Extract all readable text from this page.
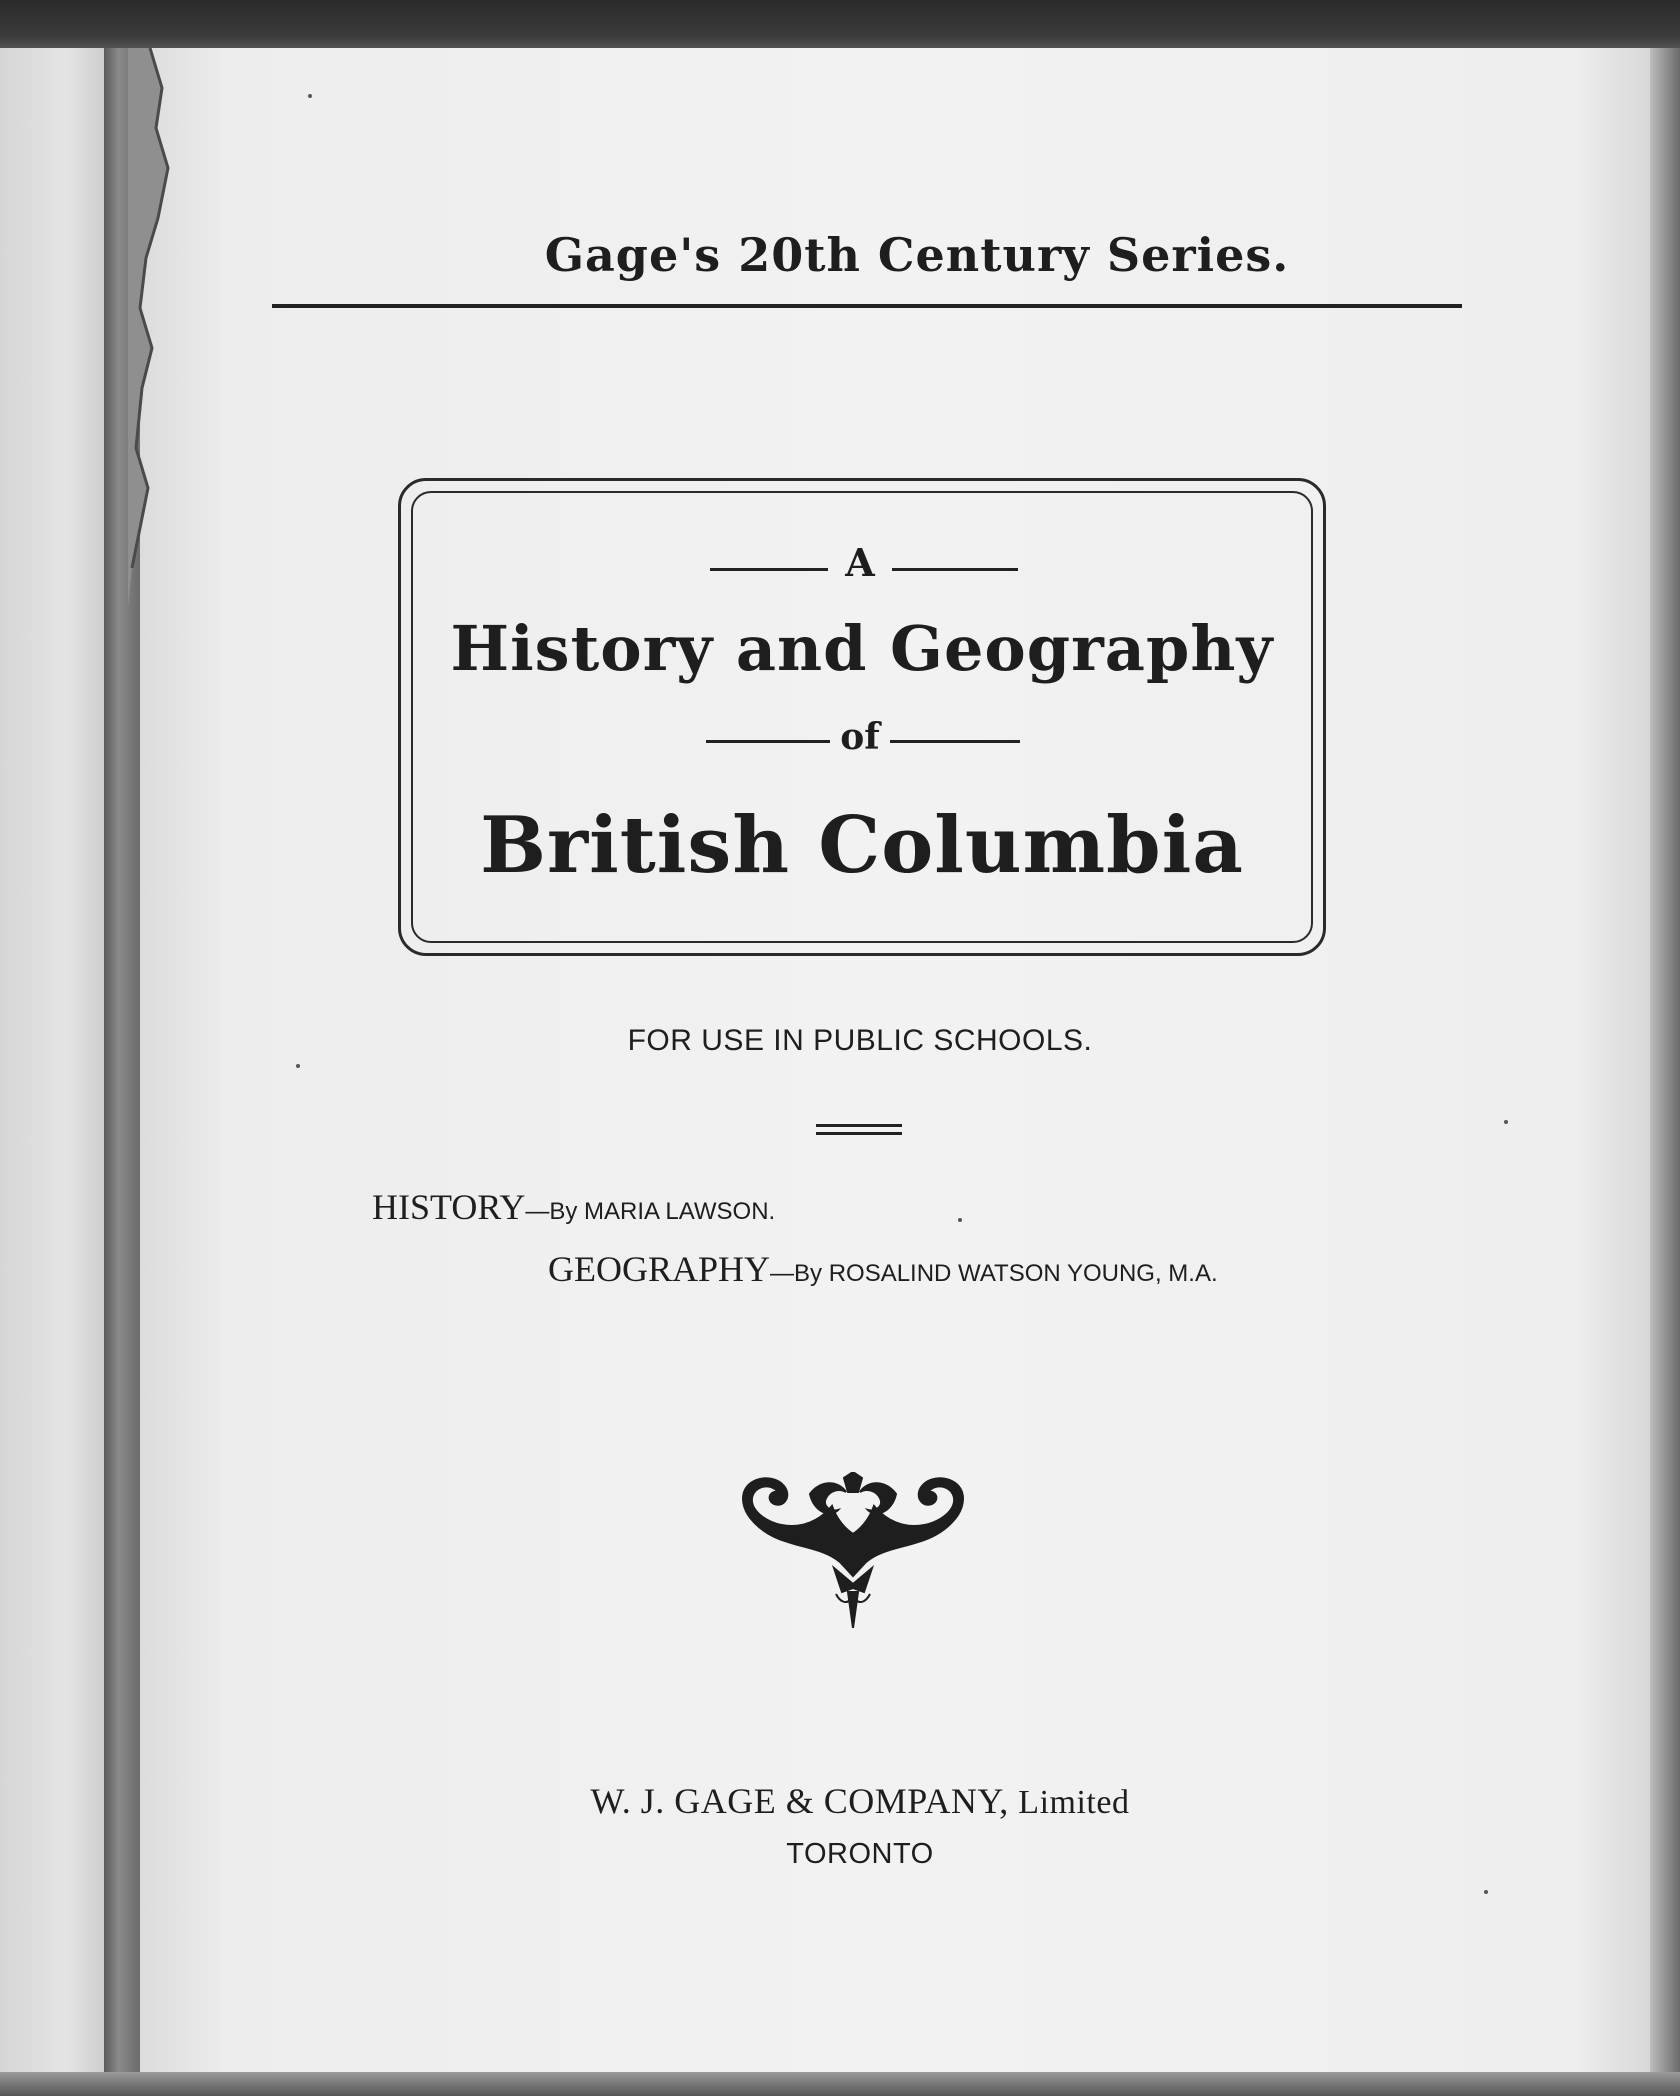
Gage's 20th Century Series.
A
History and Geography
of
British Columbia
FOR USE IN PUBLIC SCHOOLS.
HISTORY—By MARIA LAWSON.
GEOGRAPHY—By ROSALIND WATSON YOUNG, M.A.
W. J. GAGE & COMPANY, Limited
TORONTO
